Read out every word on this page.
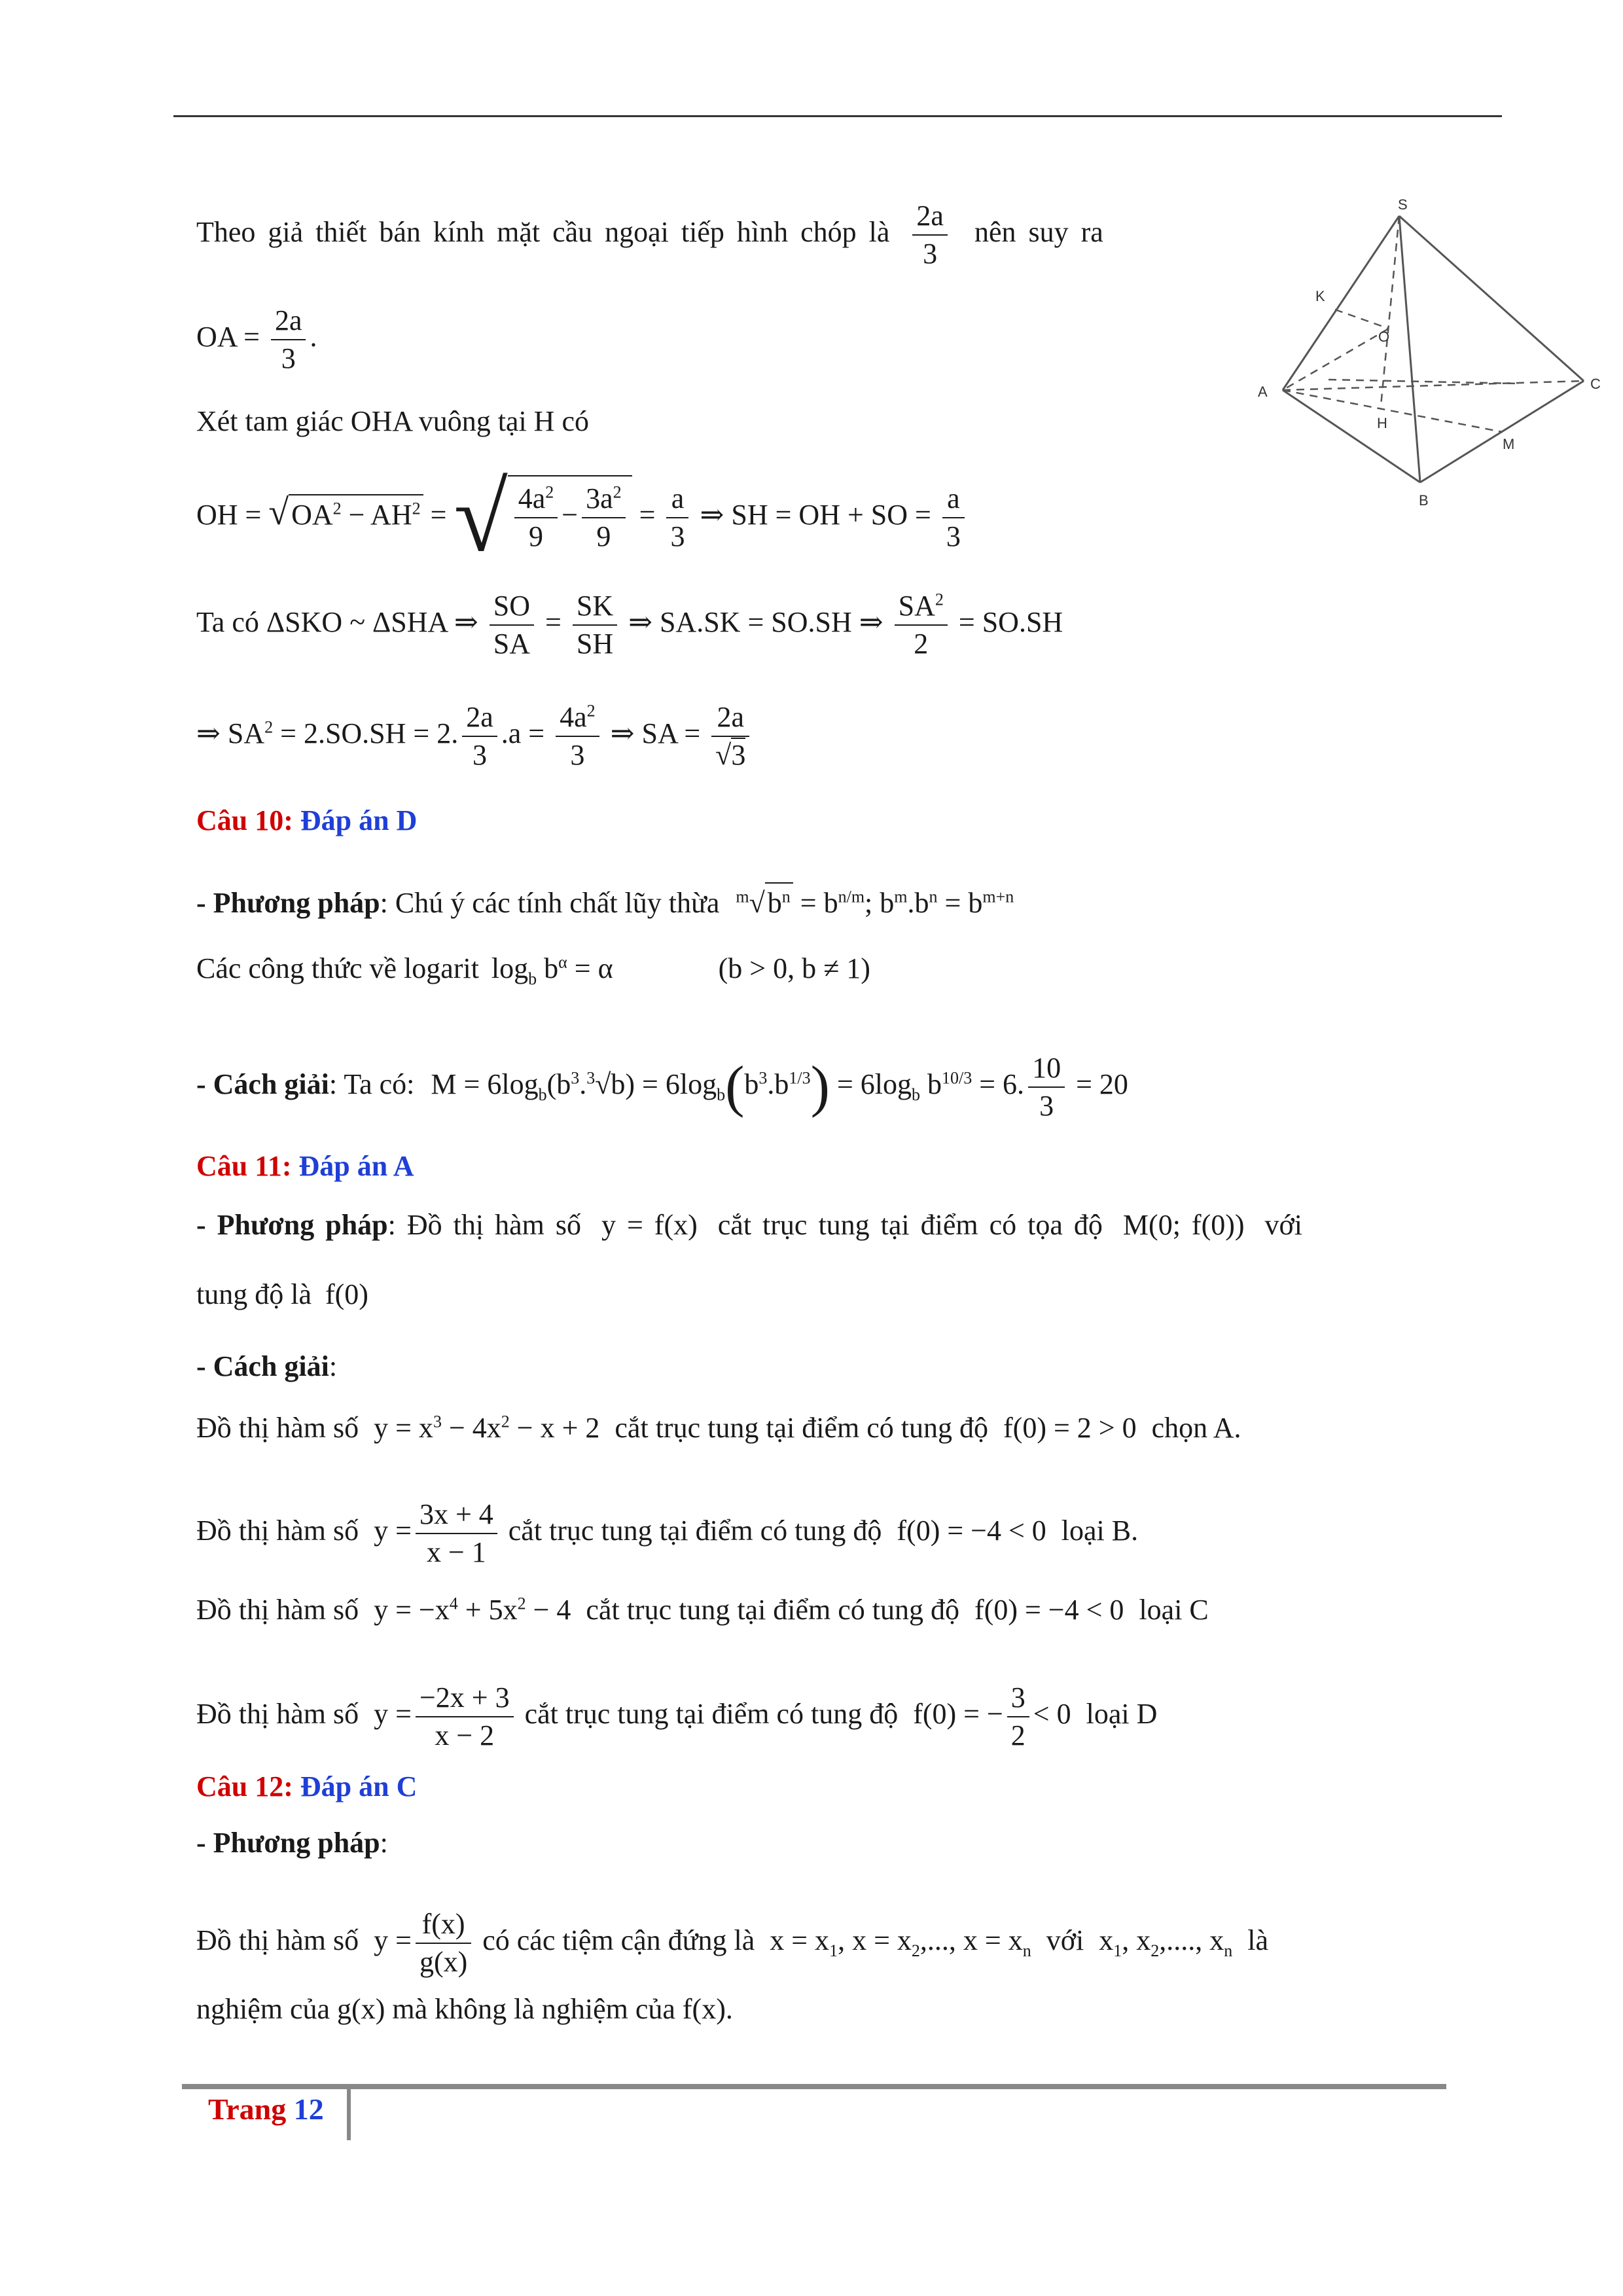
S
K
O
A	C
H
M
B
Theo giả thiết bán kính mặt cầu ngoại tiếp hình chóp là $\frac{2a}{3}$ nên suy ra
OA = $\frac{2a}{3}$ .
Xét tam giác OHA vuông tại H có
OH = $√OA^2 - AH^2$ = √ $\frac{4a^2}{9} - \frac{3a^2}{9} = \frac{a}{3}$ ⇒ SH = OH + SO = $\frac{a}{3}$
Ta có ΔSKO ~ ΔSHA ⇒ $\frac{SO}{SA} = \frac{SK}{SH}$ ⇒ SA.SK = SO.SH ⇒ $\frac{SA^2}{2} = SO.SH$
⇒ $SA^2 = 2.SO.SH = 2$. $\frac{2a}{3} .a = \frac{4a^2}{3}$ ⇒ SA = $\frac{2a}{√3}$
Câu 10: Đáp án D
- Phương pháp: Chú ý các tính chất lũy thừa $^m√b^n = b^{n/m}$; $b^m.b^n = b^{m+n}$
Các công thức về logarit $\log_b b^\alpha = \alpha$	(b > 0, b ≠ 1)
- Cách giải: Ta có: $M = 6\log_b(b^3.^3√b) = 6\log_b(b^3.b^{1/3}) = 6\log_b$ $b^{10/3} = 6$. $\frac{10}{3} = 20$
Câu 11: Đáp án A
- Phương pháp: Đồ thị hàm số y = f(x) cắt trục tung tại điểm có tọa độ M(0; f(0)) với
tung độ là f(0)
- Cách giải:
Đồ thị hàm số $y = x^3 - 4x^2 - x + 2$ cắt trục tung tại điểm có tung độ f(0) = 2 > 0 chọn A.
Đồ thị hàm số $y = \frac{3x + 4}{x - 1}$ cắt trục tung tại điểm có tung độ f(0) = −4 < 0 loại B.
Đồ thị hàm số $y = -x^4 + 5x^2 - 4$ cắt trục tung tại điểm có tung độ f(0) = −4 < 0 loại C
Đồ thị hàm số $y = \frac{-2x + 3}{x - 2}$ cắt trục tung tại điểm có tung độ f(0) = − $\frac{3}{2} < 0$ loại D
Câu 12: Đáp án C
- Phương pháp:
Đồ thị hàm số $y = \frac{f(x)}{g(x)}$ có các tiệm cận đứng là $x = x_1$, $x = x_2$,..., $x = x_n$ với $x_1$, $x_2$,...., $x_n$ là
nghiệm của g(x) mà không là nghiệm của f(x).
Trang 12
